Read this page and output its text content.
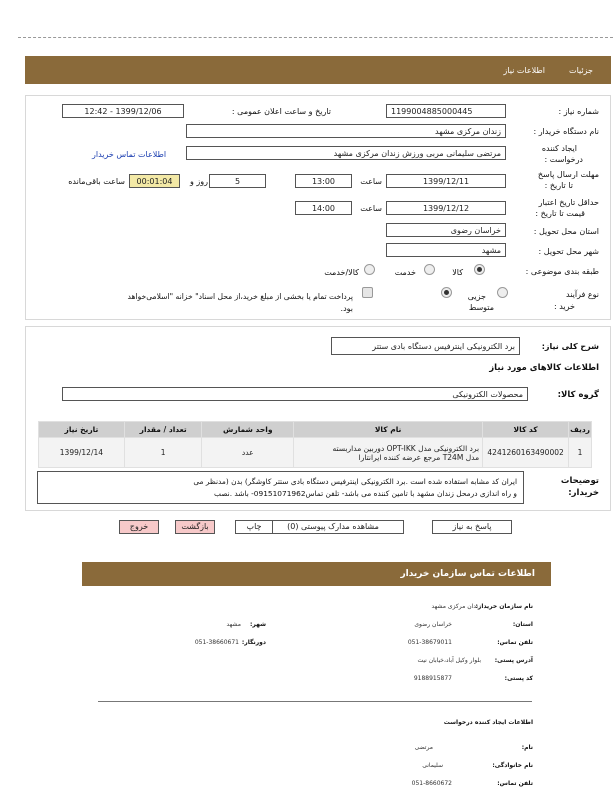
جزئیات
اطلاعات نیاز
شماره نیاز :
1199004885000445
تاریخ و ساعت اعلان عمومی :
1399/12/06 - 12:42
نام دستگاه خریدار :
زندان مرکزی مشهد
ایجاد کننده
درخواست :
مرتضی سلیمانی مربی ورزش زندان مرکزی مشهد
اطلاعات تماس خریدار
مهلت ارسال پاسخ
تا تاریخ :
1399/12/11
ساعت
13:00
5
روز و
00:01:04
ساعت باقی‌مانده
حداقل تاریخ اعتبار
قیمت تا تاریخ :
1399/12/12
ساعت
14:00
استان محل تحویل :
خراسان رضوی
شهر محل تحویل :
مشهد
طبقه بندی موضوعی :
کالا
خدمت
کالا/خدمت
نوع فرآیند
خرید :
جزیی
متوسط
پرداخت تمام یا بخشی از مبلغ خرید،از محل اسناد" خزانه "اسلامی‌خواهد
بود.
شرح کلی نیاز:
برد الکترونیکی اینترفیس دستگاه بادی ستتر
اطلاعات کالاهای مورد نیاز
گروه کالا:
محصولات الکترونیکی
ردیف	کد کالا	نام کالا	واحد شمارش	تعداد / مقدار	تاریخ نیاز
1	4241260163490002	برد الکترونیکی مدل OPT-IKK دوربین مداربسته
مدل T24M مرجع عرضه کننده ایرانتارا	عدد	1	1399/12/14
توضیحات
خریدار:
ایران کد مشابه استفاده شده است .برد الکترونیکی اینترفیس دستگاه بادی ستتر کاوشگر) بدن (مدنظر می
و راه اندازی درمحل زندان مشهد با تامین کننده می باشد- تلفن تماس09151071962- باشد .نصب
پاسخ به نیاز
مشاهده مدارک پیوستی (0)
چاپ
بازگشت
خروج
اطلاعات تماس سازمان خریدار
نام سازمان خریدار:
زندان مرکزی مشهد
استان:
خراسان رضوی
شهر:
مشهد
تلفن تماس:
051-38679011
دورنگار:
051-38660671
آدرس پستی:
بلوار وکیل آباد،خیابان نیت
کد پستی:
9188915877
اطلاعات ایجاد کننده درخواست
نام:
مرتضی
نام خانوادگی:
سلیمانی
تلفن تماس:
051-8660672
